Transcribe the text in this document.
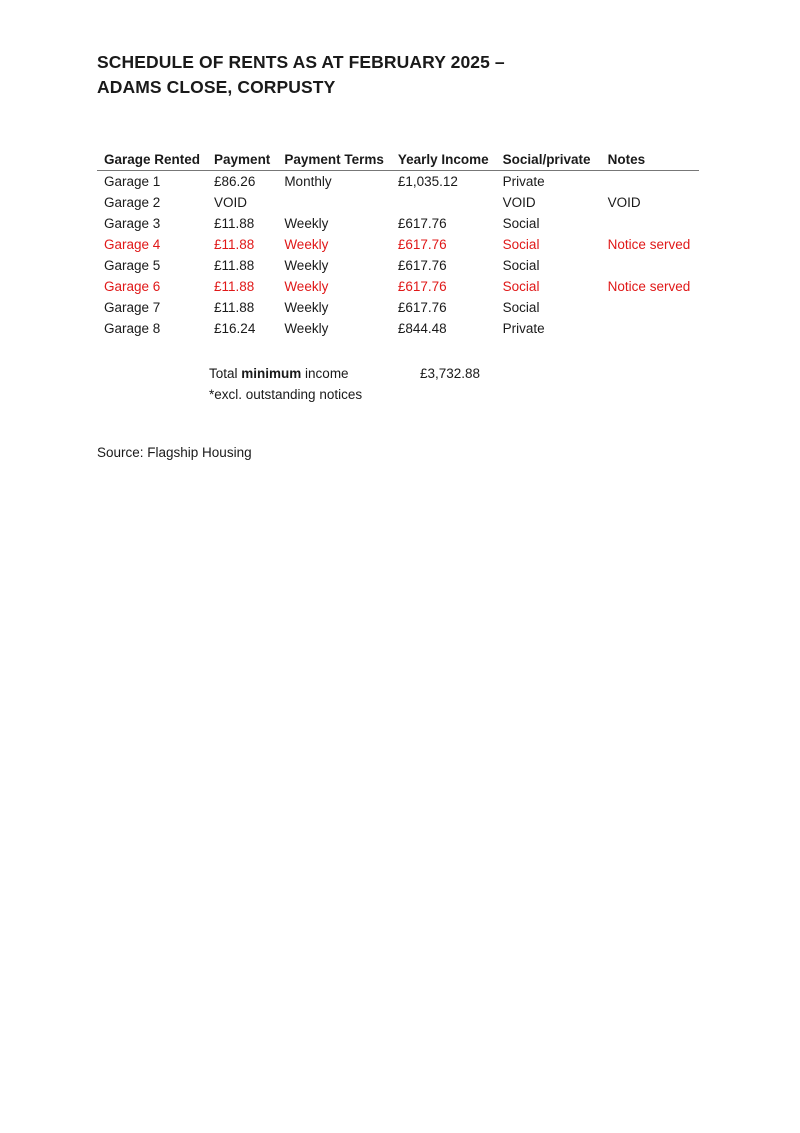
SCHEDULE OF RENTS AS AT FEBRUARY 2025 –
ADAMS CLOSE, CORPUSTY
Garage Rented	Payment	Payment Terms	Yearly Income	Social/private	Notes
Garage 1	£86.26	Monthly	£1,035.12	Private	
Garage 2	VOID			VOID	VOID
Garage 3	£11.88	Weekly	£617.76	Social	
Garage 4	£11.88	Weekly	£617.76	Social	Notice served
Garage 5	£11.88	Weekly	£617.76	Social	
Garage 6	£11.88	Weekly	£617.76	Social	Notice served
Garage 7	£11.88	Weekly	£617.76	Social	
Garage 8	£16.24	Weekly	£844.48	Private	
Total minimum income	£3,732.88
*excl. outstanding notices
Source: Flagship Housing
